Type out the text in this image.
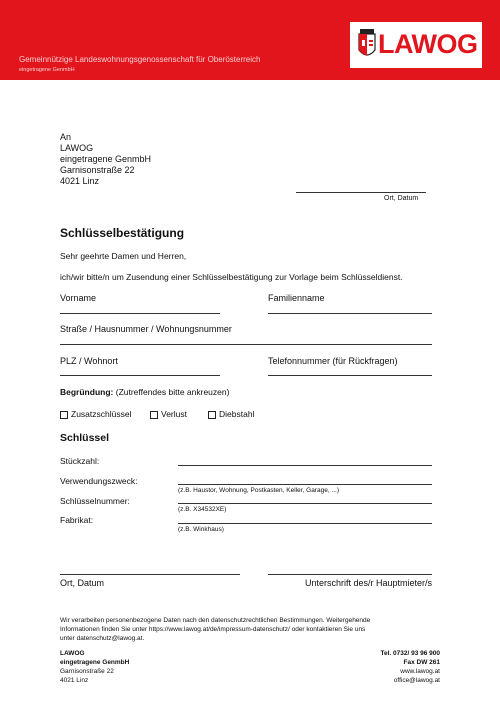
Gemeinnützige Landeswohnungsgenossenschaft für Oberösterreich
eingetragene GenmbH
LAWOG
An
LAWOG
eingetragene GenmbH
Garnisonstraße 22
4021 Linz
Ort, Datum
Schlüsselbestätigung
Sehr geehrte Damen und Herren,
ich/wir bitte/n um Zusendung einer Schlüsselbestätigung zur Vorlage beim Schlüsseldienst.
Vorname	Familienname
Straße / Hausnummer / Wohnungsnummer
PLZ / Wohnort	Telefonnummer (für Rückfragen)
Begründung: (Zutreffendes bitte ankreuzen)
Zusatzschlüssel	Verlust	Diebstahl
Schlüssel
Stückzahl:
Verwendungszweck:
(z.B. Haustor, Wohnung, Postkasten, Keller, Garage, ...)
Schlüsselnummer:
(z.B. X34532XE)
Fabrikat:
(z.B. Winkhaus)
Ort, Datum	Unterschrift des/r Hauptmieter/s
Wir verarbeiten personenbezogene Daten nach den datenschutzrechtlichen Bestimmungen. Weitergehende
Informationen finden Sie unter https://www.lawog.at/de/impressum-datenschutz/ oder kontaktieren Sie uns
unter datenschutz@lawog.at.
LAWOG
eingetragene GenmbH
Garnisonstraße 22
4021 Linz
Tel. 0732/ 93 96 900
Fax DW 261
www.lawog.at
office@lawog.at
